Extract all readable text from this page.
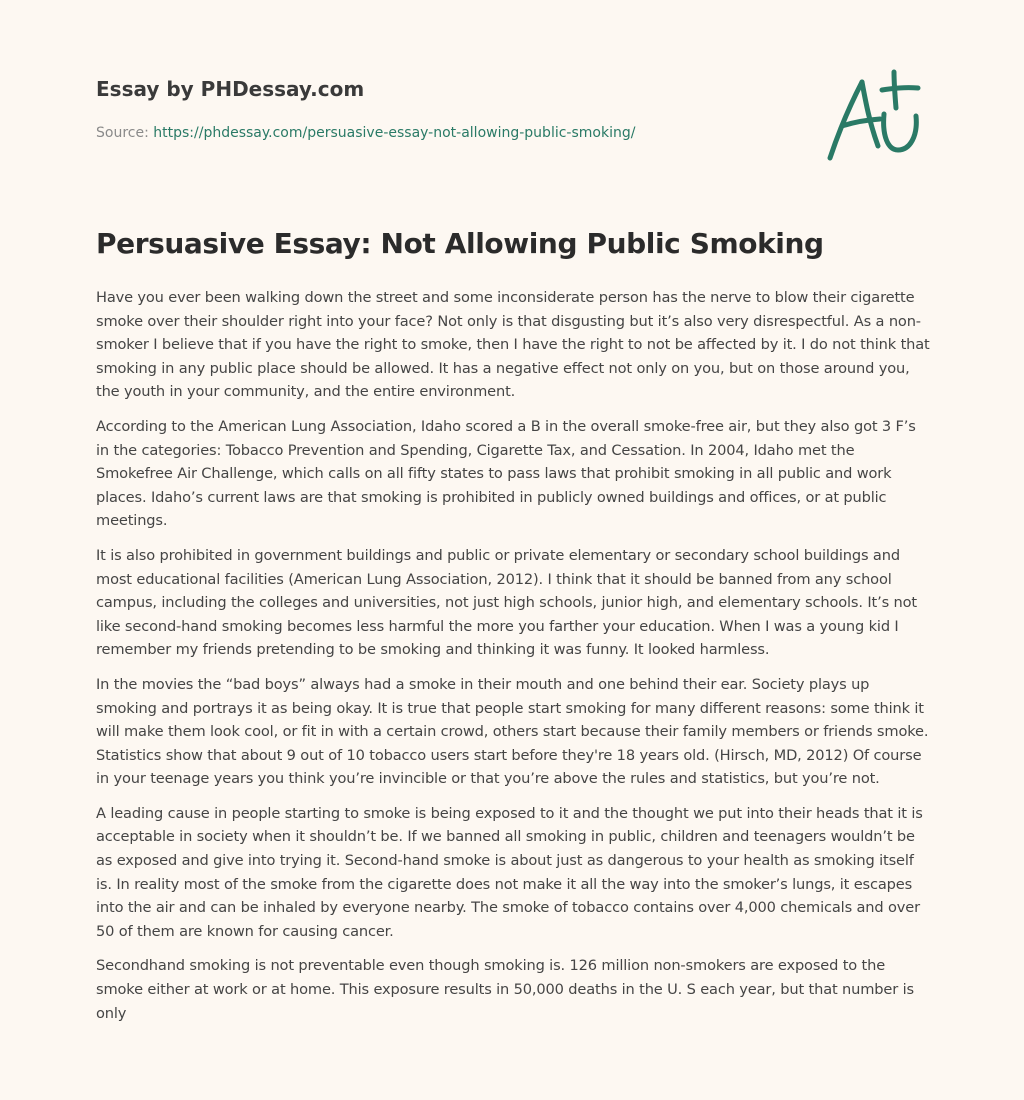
Essay by PHDessay.com
Source: https://phdessay.com/persuasive-essay-not-allowing-public-smoking/
Persuasive Essay: Not Allowing Public Smoking

Have you ever been walking down the street and some inconsiderate person has the nerve to blow their cigarette smoke over their shoulder right into your face? Not only is that disgusting but it’s also very disrespectful. As a non-smoker I believe that if you have the right to smoke, then I have the right to not be affected by it. I do not think that smoking in any public place should be allowed. It has a negative effect not only on you, but on those around you, the youth in your community, and the entire environment.

According to the American Lung Association, Idaho scored a B in the overall smoke-free air, but they also got 3 F’s in the categories: Tobacco Prevention and Spending, Cigarette Tax, and Cessation. In 2004, Idaho met the Smokefree Air Challenge, which calls on all fifty states to pass laws that prohibit smoking in all public and work places. Idaho’s current laws are that smoking is prohibited in publicly owned buildings and offices, or at public meetings.

It is also prohibited in government buildings and public or private elementary or secondary school buildings and most educational facilities (American Lung Association, 2012). I think that it should be banned from any school campus, including the colleges and universities, not just high schools, junior high, and elementary schools. It’s not like second-hand smoking becomes less harmful the more you farther your education. When I was a young kid I remember my friends pretending to be smoking and thinking it was funny. It looked harmless.

In the movies the “bad boys” always had a smoke in their mouth and one behind their ear. Society plays up smoking and portrays it as being okay. It is true that people start smoking for many different reasons: some think it will make them look cool, or fit in with a certain crowd, others start because their family members or friends smoke. Statistics show that about 9 out of 10 tobacco users start before they're 18 years old. (Hirsch, MD, 2012) Of course in your teenage years you think you’re invincible or that you’re above the rules and statistics, but you’re not.

A leading cause in people starting to smoke is being exposed to it and the thought we put into their heads that it is acceptable in society when it shouldn’t be. If we banned all smoking in public, children and teenagers wouldn’t be as exposed and give into trying it. Second-hand smoke is about just as dangerous to your health as smoking itself is. In reality most of the smoke from the cigarette does not make it all the way into the smoker’s lungs, it escapes into the air and can be inhaled by everyone nearby. The smoke of tobacco contains over 4,000 chemicals and over 50 of them are known for causing cancer.

Secondhand smoking is not preventable even though smoking is. 126 million non-smokers are exposed to the smoke either at work or at home. This exposure results in 50,000 deaths in the U. S each year, but that number is only
